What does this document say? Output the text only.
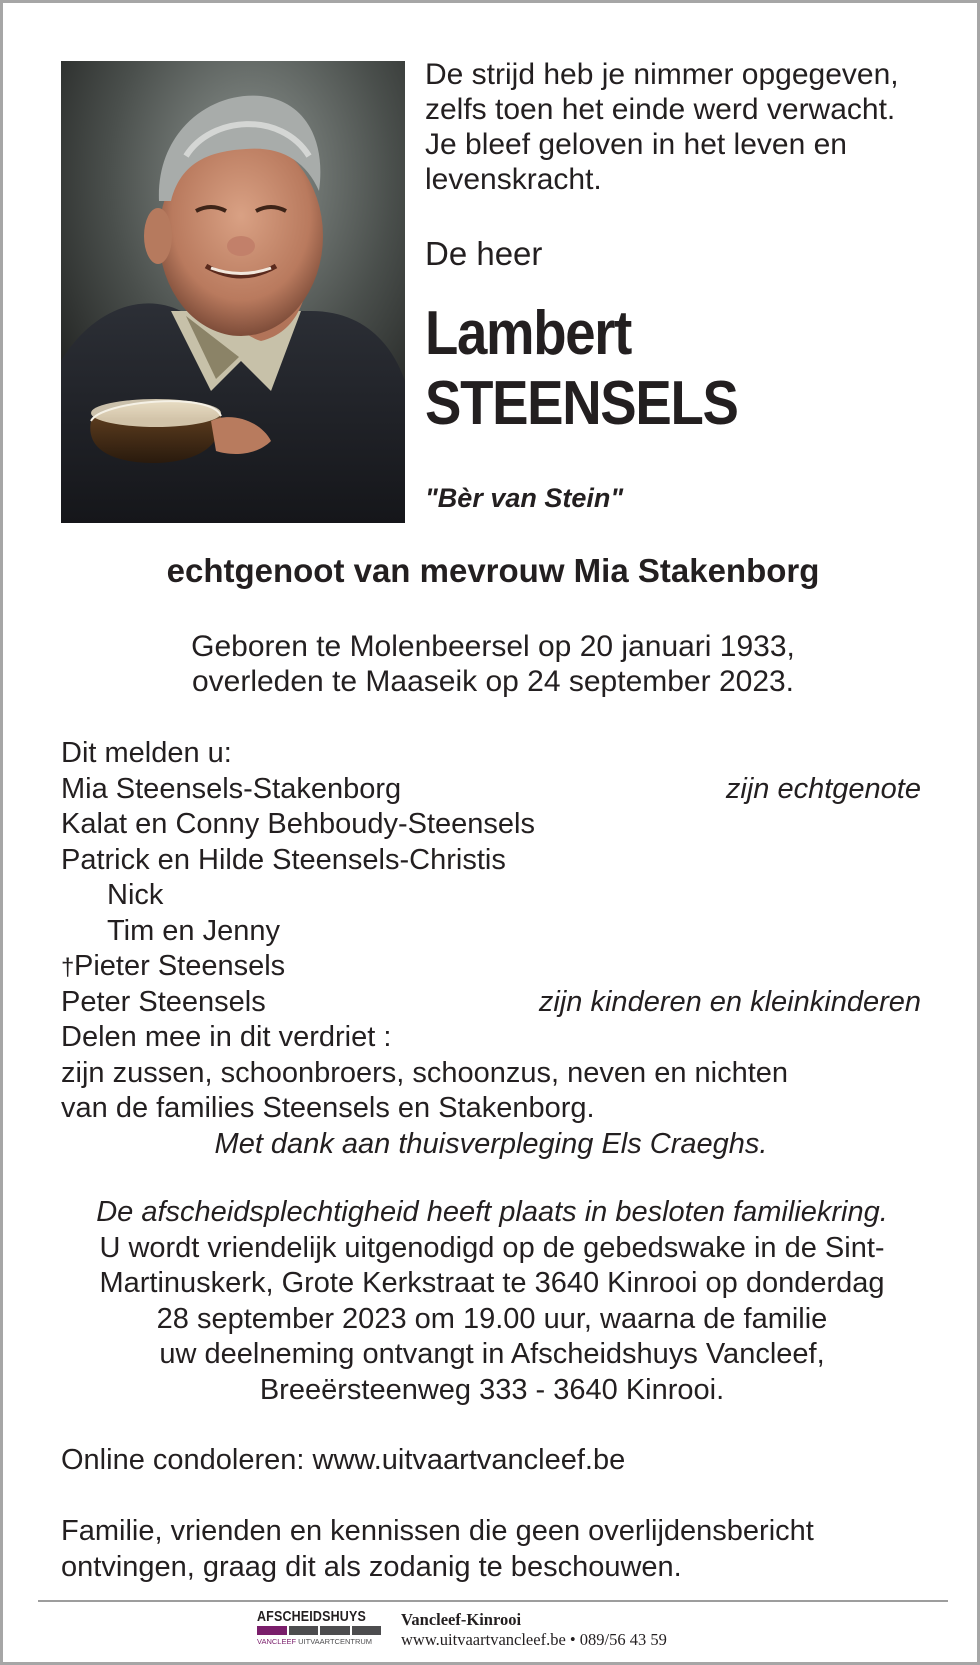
De strijd heb je nimmer opgegeven,
zelfs toen het einde werd verwacht.
Je bleef geloven in het leven en
levenskracht.
De heer
Lambert
STEENSELS
"Bèr van Stein"
echtgenoot van mevrouw Mia Stakenborg
Geboren te Molenbeersel op 20 januari 1933,
overleden te Maaseik op 24 september 2023.
Dit melden u:
Mia Steensels-Stakenborg	zijn echtgenote
Kalat en Conny Behboudy-Steensels
Patrick en Hilde Steensels-Christis
Nick
Tim en Jenny
†Pieter Steensels
Peter Steensels	zijn kinderen en kleinkinderen
Delen mee in dit verdriet :
zijn zussen, schoonbroers, schoonzus, neven en nichten
van de families Steensels en Stakenborg.
Met dank aan thuisverpleging Els Craeghs.
De afscheidsplechtigheid heeft plaats in besloten familiekring.
U wordt vriendelijk uitgenodigd op de gebedswake in de Sint-
Martinuskerk, Grote Kerkstraat te 3640 Kinrooi op donderdag
28 september 2023 om 19.00 uur, waarna de familie
uw deelneming ontvangt in Afscheidshuys Vancleef,
Breeërsteenweg 333 - 3640 Kinrooi.
Online condoleren: www.uitvaartvancleef.be
Familie, vrienden en kennissen die geen overlijdensbericht
ontvingen, graag dit als zodanig te beschouwen.
AFSCHEIDSHUYS
VANCLEEF UITVAARTCENTRUM
Vancleef-Kinrooi
www.uitvaartvancleef.be • 089/56 43 59
